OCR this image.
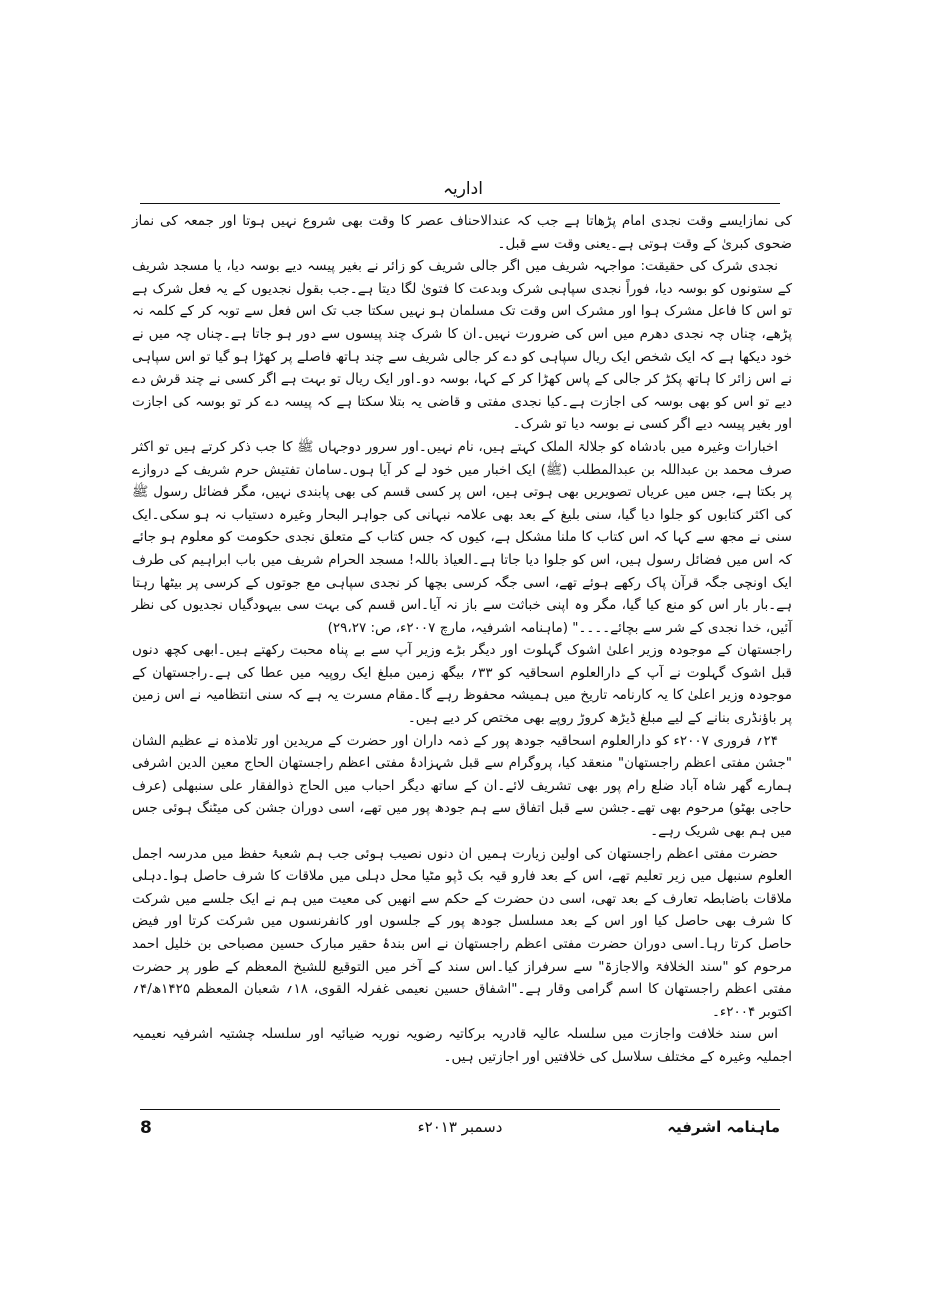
اداریہ

کی نمازایسے وقت نجدی امام پڑھاتا ہے جب کہ عندالاحناف عصر کا وقت بھی شروع نہیں ہوتا اور جمعہ کی نماز ضحوی کبریٰ کے وقت ہوتی ہے۔یعنی وقت سے قبل۔

نجدی شرک کی حقیقت: مواجہہ شریف میں اگر جالی شریف کو زائر نے بغیر پیسہ دیے بوسہ دیا، یا مسجد شریف کے ستونوں کو بوسہ دیا، فوراً نجدی سپاہی شرک وبدعت کا فتویٰ لگا دیتا ہے۔جب بقول نجدیوں کے یہ فعل شرک ہے تو اس کا فاعل مشرک ہوا اور مشرک اس وقت تک مسلمان ہو نہیں سکتا جب تک اس فعل سے توبہ کر کے کلمہ نہ پڑھے، چناں چہ نجدی دھرم میں اس کی ضرورت نہیں۔ان کا شرک چند پیسوں سے دور ہو جاتا ہے۔چناں چہ میں نے خود دیکھا ہے کہ ایک شخص ایک ریال سپاہی کو دے کر جالی شریف سے چند ہاتھ فاصلے پر کھڑا ہو گیا تو اس سپاہی نے اس زائر کا ہاتھ پکڑ کر جالی کے پاس کھڑا کر کے کہا، بوسہ دو۔اور ایک ریال تو بہت ہے اگر کسی نے چند قرش دے دیے تو اس کو بھی بوسہ کی اجازت ہے۔کیا نجدی مفتی و قاضی یہ بتلا سکتا ہے کہ پیسہ دے کر تو بوسہ کی اجازت اور بغیر پیسہ دیے اگر کسی نے بوسہ دیا تو شرک۔

اخبارات وغیرہ میں بادشاہ کو جلالۃ الملک کہتے ہیں، نام نہیں۔اور سرور دوجہاں ﷺ کا جب ذکر کرتے ہیں تو اکثر صرف محمد بن عبداللہ بن عبدالمطلب (ﷺ) ایک اخبار میں خود لے کر آیا ہوں۔سامان تفتیش حرم شریف کے دروازے پر بکتا ہے، جس میں عریاں تصویریں بھی ہوتی ہیں، اس پر کسی قسم کی بھی پابندی نہیں، مگر فضائل رسول ﷺ کی اکثر کتابوں کو جلوا دیا گیا، سنی بلیغ کے بعد بھی علامہ نبہانی کی جواہر البحار وغیرہ دستیاب نہ ہو سکی۔ایک سنی نے مجھ سے کہا کہ اس کتاب کا ملنا مشکل ہے، کیوں کہ جس کتاب کے متعلق نجدی حکومت کو معلوم ہو جائے کہ اس میں فضائل رسول ہیں، اس کو جلوا دیا جاتا ہے۔العیاذ باللہ! مسجد الحرام شریف میں باب ابراہیم کی طرف ایک اونچی جگہ قرآن پاک رکھے ہوئے تھے، اسی جگہ کرسی بچھا کر نجدی سپاہی مع جوتوں کے کرسی پر بیٹھا رہتا ہے۔بار بار اس کو منع کیا گیا، مگر وہ اپنی خباثت سے باز نہ آیا۔اس قسم کی بہت سی بیہودگیاں نجدیوں کی نظر آئیں، خدا نجدی کے شر سے بچائے۔۔۔۔" (ماہنامہ اشرفیہ، مارچ ۲۰۰۷ء، ص: ۲۹،۲۷)

راجستھان کے موجودہ وزیر اعلیٰ اشوک گہلوت اور دیگر بڑے وزیر آپ سے بے پناہ محبت رکھتے ہیں۔ابھی کچھ دنوں قبل اشوک گہلوت نے آپ کے دارالعلوم اسحاقیہ کو ۳۳؍ بیگھ زمین مبلغ ایک روپیہ میں عطا کی ہے۔راجستھان کے موجودہ وزیر اعلیٰ کا یہ کارنامہ تاریخ میں ہمیشہ محفوظ رہے گا۔مقام مسرت یہ ہے کہ سنی انتظامیہ نے اس زمین پر باؤنڈری بنانے کے لیے مبلغ ڈیڑھ کروڑ روپے بھی مختص کر دیے ہیں۔

۲۴؍ فروری ۲۰۰۷ء کو دارالعلوم اسحاقیہ جودھ پور کے ذمہ داران اور حضرت کے مریدین اور تلامذہ نے عظیم الشان "جشن مفتی اعظم راجستھان" منعقد کیا، پروگرام سے قبل شہزادۂ مفتی اعظم راجستھان الحاج معین الدین اشرفی ہمارے گھر شاہ آباد ضلع رام پور بھی تشریف لائے۔ان کے ساتھ دیگر احباب میں الحاج ذوالفقار علی سنبھلی (عرف حاجی بھٹو) مرحوم بھی تھے۔جشن سے قبل اتفاق سے ہم جودھ پور میں تھے، اسی دوران جشن کی میٹنگ ہوئی جس میں ہم بھی شریک رہے۔

حضرت مفتی اعظم راجستھان کی اولین زیارت ہمیں ان دنوں نصیب ہوئی جب ہم شعبۂ حفظ میں مدرسہ اجمل العلوم سنبھل میں زیر تعلیم تھے، اس کے بعد فارو قیہ بک ڈپو مٹیا محل دہلی میں ملاقات کا شرف حاصل ہوا۔دہلی ملاقات باضابطہ تعارف کے بعد تھی، اسی دن حضرت کے حکم سے انھیں کی معیت میں ہم نے ایک جلسے میں شرکت کا شرف بھی حاصل کیا اور اس کے بعد مسلسل جودھ پور کے جلسوں اور کانفرنسوں میں شرکت کرتا اور فیض حاصل کرتا رہا۔اسی دوران حضرت مفتی اعظم راجستھان نے اس بندۂ حقیر مبارک حسین مصباحی بن خلیل احمد مرحوم کو "سند الخلافۃ والاجازۃ" سے سرفراز کیا۔اس سند کے آخر میں التوقیع للشیخ المعظم کے طور پر حضرت مفتی اعظم راجستھان کا اسم گرامی وقار ہے۔"اشفاق حسین نعیمی غفرلہ القوی، ۱۸؍ شعبان المعظم ۱۴۲۵ھ/۴؍ اکتوبر ۲۰۰۴ء۔

اس سند خلافت واجازت میں سلسلہ عالیہ قادریہ برکاتیہ رضویہ نوریہ ضیائیہ اور سلسلہ چشتیہ اشرفیہ نعیمیہ اجملیہ وغیرہ کے مختلف سلاسل کی خلافتیں اور اجازتیں ہیں۔

ماہنامہ اشرفیہ
دسمبر ۲۰۱۳ء
8
